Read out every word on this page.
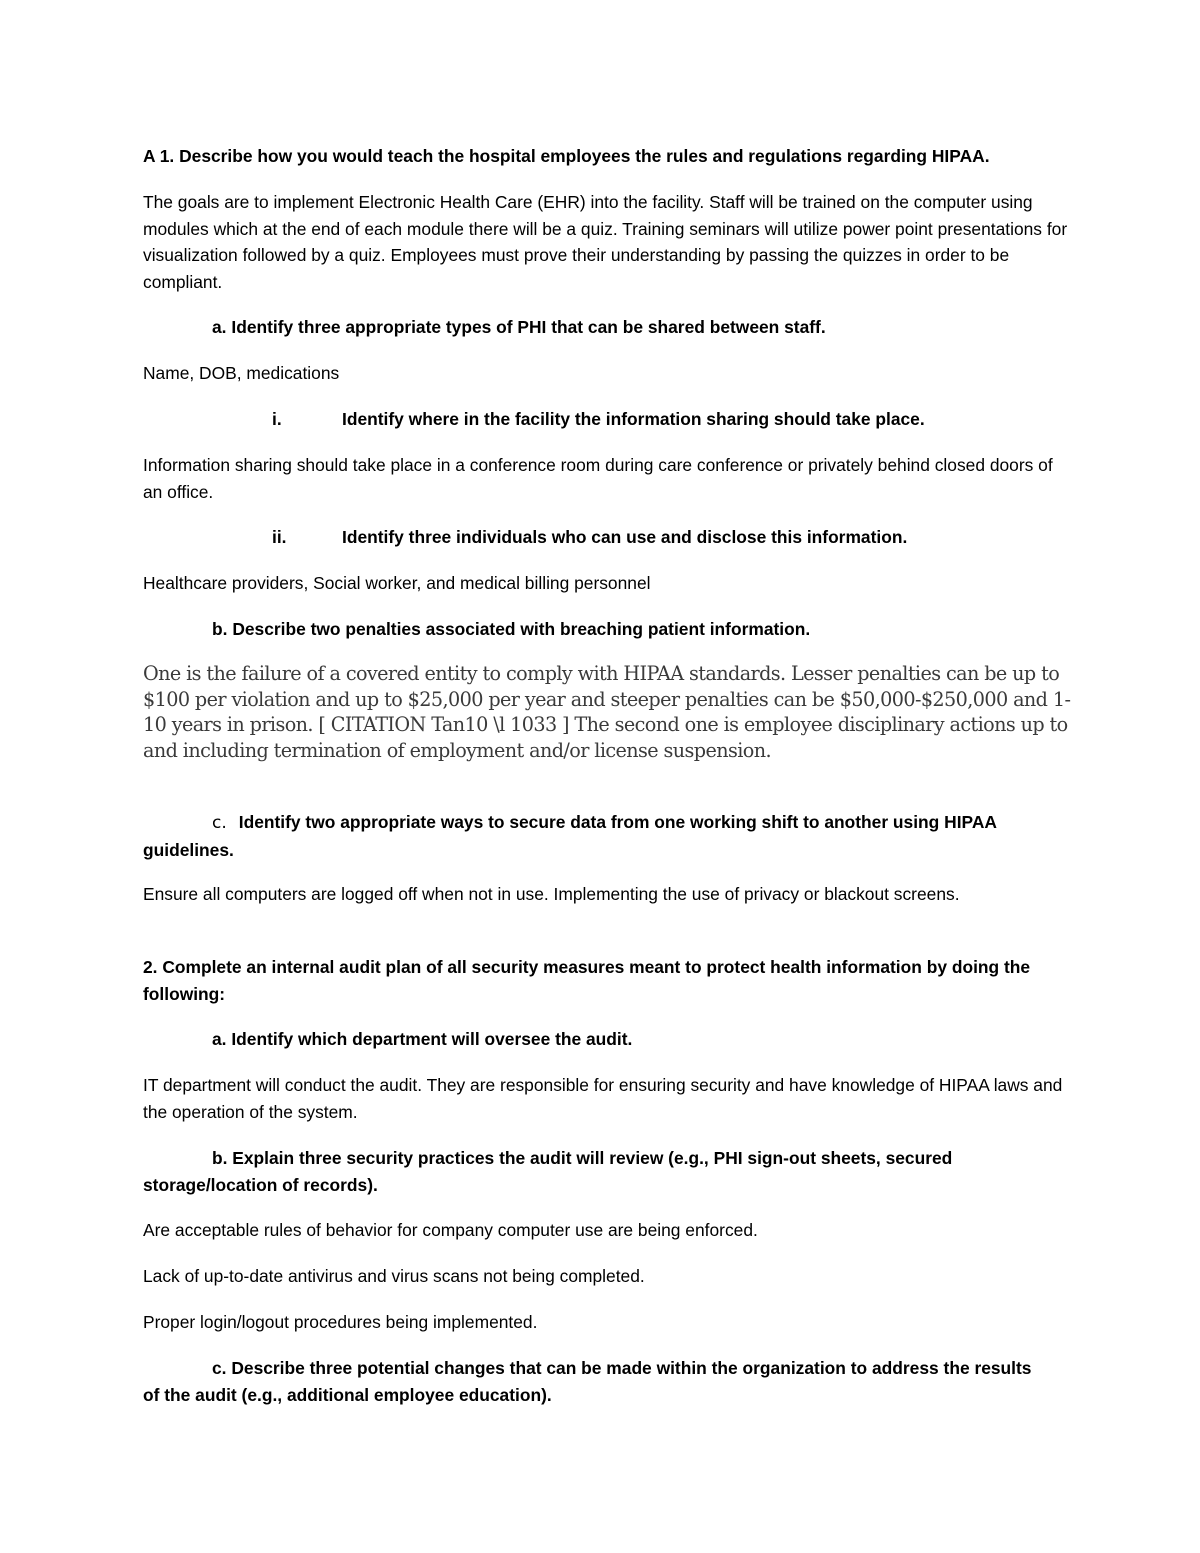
A 1. Describe how you would teach the hospital employees the rules and regulations regarding HIPAA.

The goals are to implement Electronic Health Care (EHR) into the facility. Staff will be trained on the computer using modules which at the end of each module there will be a quiz. Training seminars will utilize power point presentations for visualization followed by a quiz. Employees must prove their understanding by passing the quizzes in order to be compliant.

a. Identify three appropriate types of PHI that can be shared between staff.

Name, DOB, medications

i.	Identify where in the facility the information sharing should take place.

Information sharing should take place in a conference room during care conference or privately behind closed doors of an office.

ii.	Identify three individuals who can use and disclose this information.

Healthcare providers, Social worker, and medical billing personnel

b. Describe two penalties associated with breaching patient information.

One is the failure of a covered entity to comply with HIPAA standards. Lesser penalties can be up to $100 per violation and up to $25,000 per year and steeper penalties can be $50,000-$250,000 and 1-10 years in prison. [ CITATION Tan10 \l 1033 ] The second one is employee disciplinary actions up to and including termination of employment and/or license suspension.

c. Identify two appropriate ways to secure data from one working shift to another using HIPAA guidelines.

Ensure all computers are logged off when not in use. Implementing the use of privacy or blackout screens.

2. Complete an internal audit plan of all security measures meant to protect health information by doing the following:

a. Identify which department will oversee the audit.

IT department will conduct the audit. They are responsible for ensuring security and have knowledge of HIPAA laws and the operation of the system.

b. Explain three security practices the audit will review (e.g., PHI sign-out sheets, secured storage/location of records).

Are acceptable rules of behavior for company computer use are being enforced.

Lack of up-to-date antivirus and virus scans not being completed.

Proper login/logout procedures being implemented.

c. Describe three potential changes that can be made within the organization to address the results of the audit (e.g., additional employee education).
